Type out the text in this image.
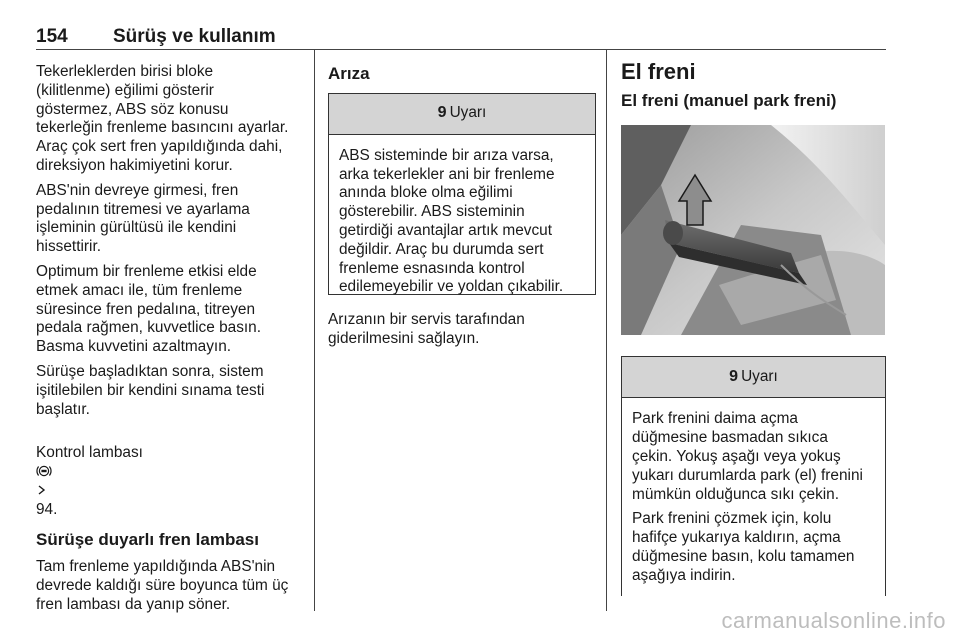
154 Sürüş ve kullanım

Tekerleklerden birisi bloke
(kilitlenme) eğilimi gösterir
göstermez, ABS söz konusu
tekerleğin frenleme basıncını ayarlar.
Araç çok sert fren yapıldığında dahi,
direksiyon hakimiyetini korur.

ABS'nin devreye girmesi, fren
pedalının titremesi ve ayarlama
işleminin gürültüsü ile kendini
hissettirir.

Optimum bir frenleme etkisi elde
etmek amacı ile, tüm frenleme
süresince fren pedalına, titreyen
pedala rağmen, kuvvetlice basın.
Basma kuvvetini azaltmayın.

Sürüşe başladıktan sonra, sistem
işitilebilen bir kendini sınama testi
başlatır.

Kontrol lambası

94.

Sürüşe duyarlı fren lambası

Tam frenleme yapıldığında ABS'nin
devrede kaldığı süre boyunca tüm üç
fren lambası da yanıp söner.

Arıza
9 Uyarı

ABS sisteminde bir arıza varsa,
arka tekerlekler ani bir frenleme
anında bloke olma eğilimi
gösterebilir. ABS sisteminin
getirdiği avantajlar artık mevcut
değildir. Araç bu durumda sert
frenleme esnasında kontrol
edilemeyebilir ve yoldan çıkabilir.

Arızanın bir servis tarafından
giderilmesini sağlayın.

El freni
El freni (manuel park freni)
9 Uyarı

Park frenini daima açma
düğmesine basmadan sıkıca
çekin. Yokuş aşağı veya yokuş
yukarı durumlarda park (el) frenini
mümkün olduğunca sıkı çekin.

Park frenini çözmek için, kolu
hafifçe yukarıya kaldırın, açma
düğmesine basın, kolu tamamen
aşağıya indirin.

carmanualsonline.info
